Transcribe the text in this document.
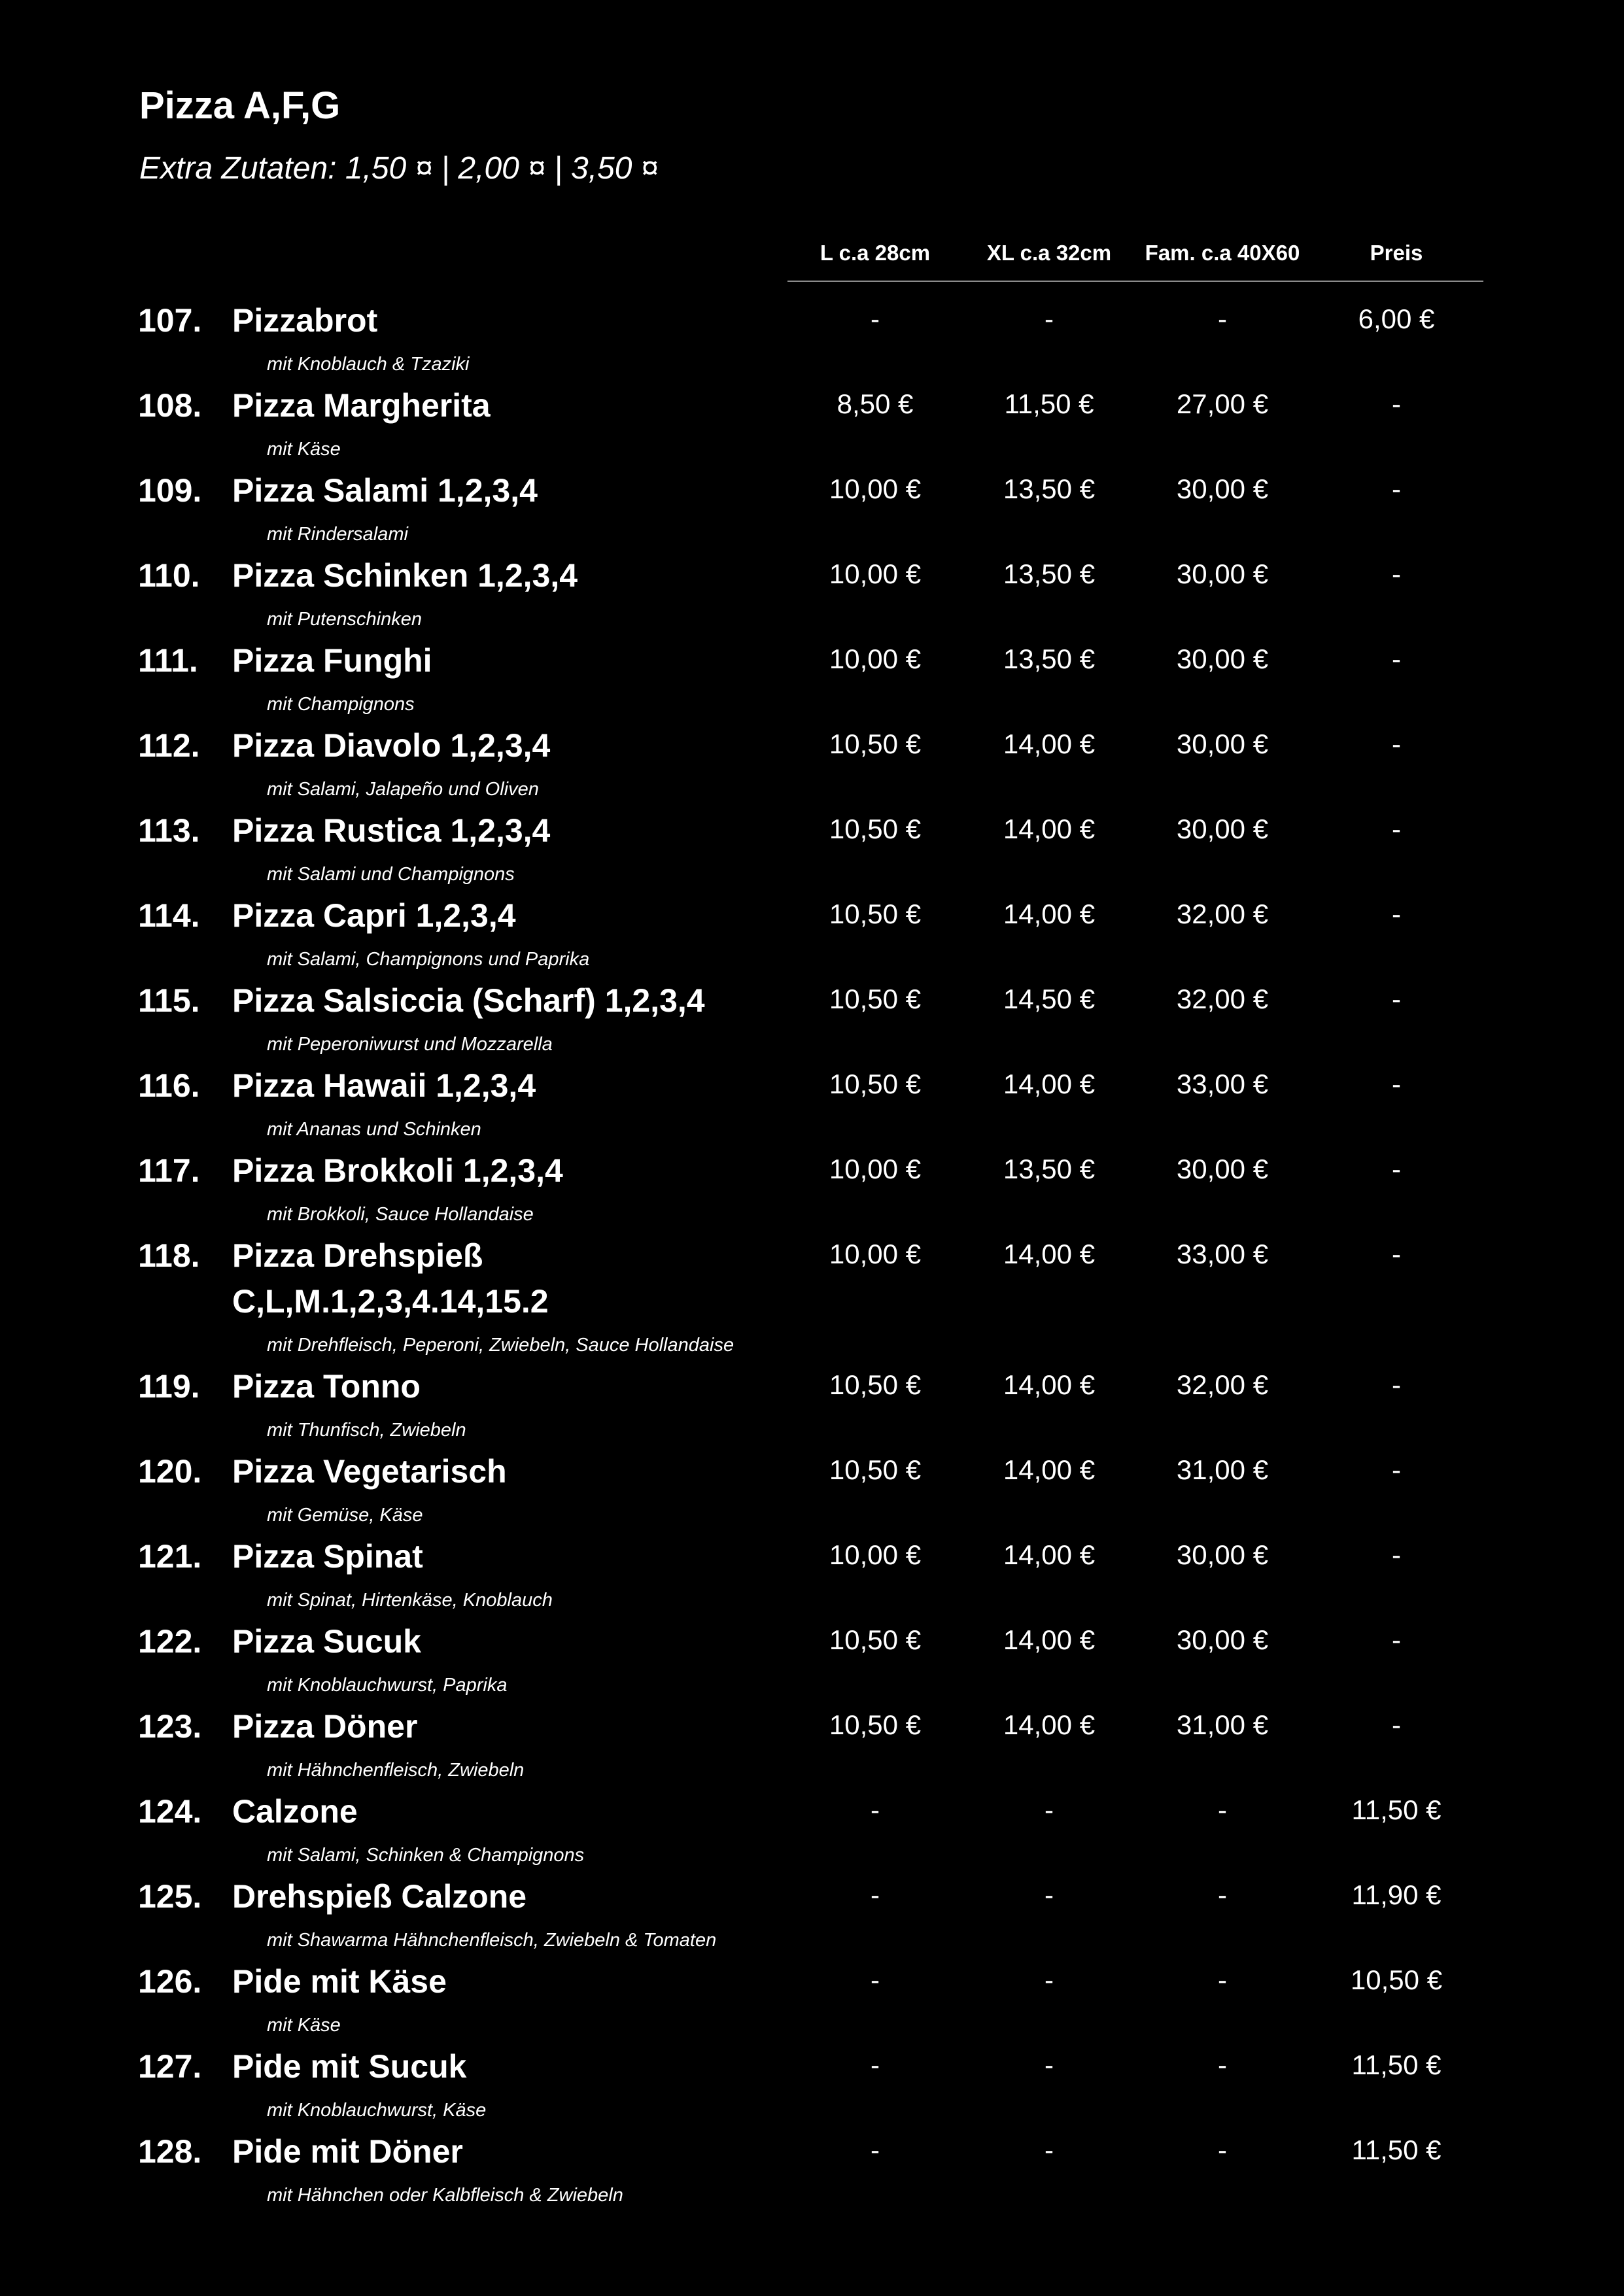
Pizza A,F,G
Extra Zutaten: 1,50 ¤ | 2,00 ¤ | 3,50 ¤
L c.a 28cm	XL c.a 32cm	Fam. c.a 40X60	Preis
107. Pizzabrot
mit Knoblauch & Tzaziki
-	-	-	6,00 €
108. Pizza Margherita
mit Käse
8,50 €	11,50 €	27,00 €	-
109. Pizza Salami 1,2,3,4
mit Rindersalami
10,00 €	13,50 €	30,00 €	-
110. Pizza Schinken 1,2,3,4
mit Putenschinken
10,00 €	13,50 €	30,00 €	-
111. Pizza Funghi
mit Champignons
10,00 €	13,50 €	30,00 €	-
112. Pizza Diavolo 1,2,3,4
mit Salami, Jalapeño und Oliven
10,50 €	14,00 €	30,00 €	-
113. Pizza Rustica 1,2,3,4
mit Salami und Champignons
10,50 €	14,00 €	30,00 €	-
114. Pizza Capri 1,2,3,4
mit Salami, Champignons und Paprika
10,50 €	14,00 €	32,00 €	-
115. Pizza Salsiccia (Scharf) 1,2,3,4
mit Peperoniwurst und Mozzarella
10,50 €	14,50 €	32,00 €	-
116. Pizza Hawaii 1,2,3,4
mit Ananas und Schinken
10,50 €	14,00 €	33,00 €	-
117. Pizza Brokkoli 1,2,3,4
mit Brokkoli, Sauce Hollandaise
10,00 €	13,50 €	30,00 €	-
118. Pizza Drehspieß
C,L,M.1,2,3,4.14,15.2
mit Drehfleisch, Peperoni, Zwiebeln, Sauce Hollandaise
10,00 €	14,00 €	33,00 €	-
119. Pizza Tonno
mit Thunfisch, Zwiebeln
10,50 €	14,00 €	32,00 €	-
120. Pizza Vegetarisch
mit Gemüse, Käse
10,50 €	14,00 €	31,00 €	-
121. Pizza Spinat
mit Spinat, Hirtenkäse, Knoblauch
10,00 €	14,00 €	30,00 €	-
122. Pizza Sucuk
mit Knoblauchwurst, Paprika
10,50 €	14,00 €	30,00 €	-
123. Pizza Döner
mit Hähnchenfleisch, Zwiebeln
10,50 €	14,00 €	31,00 €	-
124. Calzone
mit Salami, Schinken & Champignons
-	-	-	11,50 €
125. Drehspieß Calzone
mit Shawarma Hähnchenfleisch, Zwiebeln & Tomaten
-	-	-	11,90 €
126. Pide mit Käse
mit Käse
-	-	-	10,50 €
127. Pide mit Sucuk
mit Knoblauchwurst, Käse
-	-	-	11,50 €
128. Pide mit Döner
mit Hähnchen oder Kalbfleisch & Zwiebeln
-	-	-	11,50 €
